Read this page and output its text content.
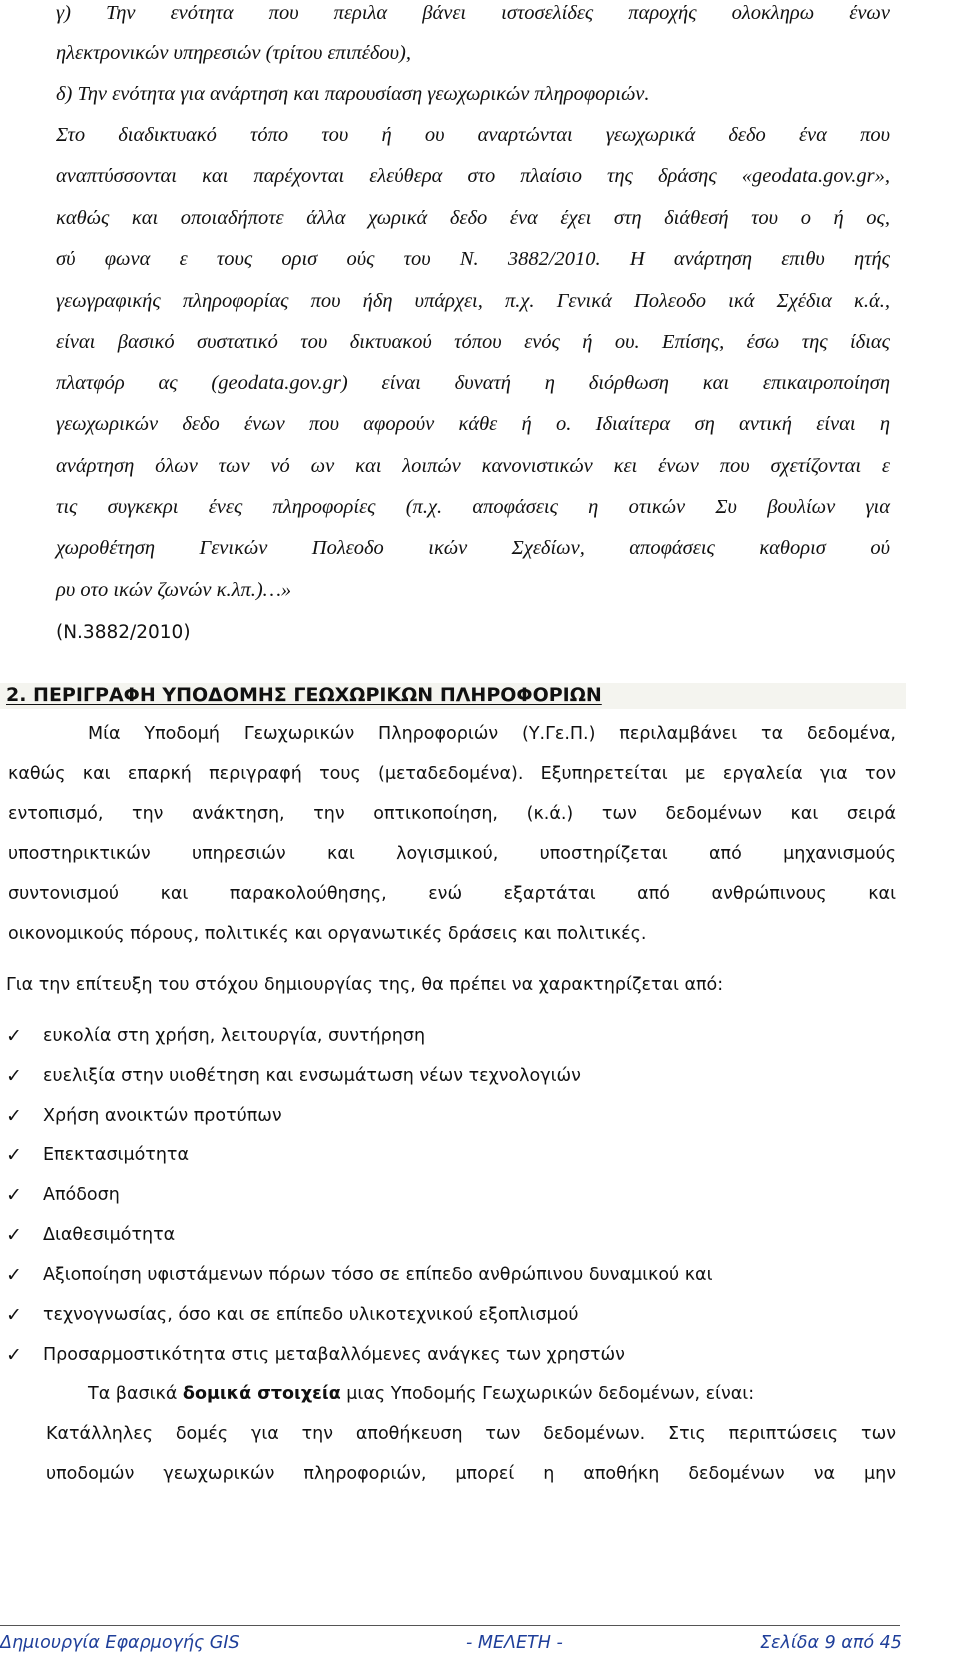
γ) Την ενότητα που περιλα βάνει ιστοσελίδες παροχής ολοκληρω ένων
ηλεκτρονικών υπηρεσιών (τρίτου επιπέδου),
δ) Την ενότητα για ανάρτηση και παρουσίαση γεωχωρικών πληροφοριών.
Στο διαδικτυακό τόπο του ή ου αναρτώνται γεωχωρικά δεδο ένα που
αναπτύσσονται και παρέχονται ελεύθερα στο πλαίσιο της δράσης «geodata.gov.gr»,
καθώς και οποιαδήποτε άλλα χωρικά δεδο ένα έχει στη διάθεσή του ο ή ος,
σύ φωνα ε τους ορισ ούς του Ν. 3882/2010. Η ανάρτηση επιθυ ητής
γεωγραφικής πληροφορίας που ήδη υπάρχει, π.χ. Γενικά Πολεοδο ικά Σχέδια κ.ά.,
είναι βασικό συστατικό του δικτυακού τόπου ενός ή ου. Επίσης, έσω της ίδιας
πλατφόρ ας (geodata.gov.gr) είναι δυνατή η διόρθωση και επικαιροποίηση
γεωχωρικών δεδο ένων που αφορούν κάθε ή ο. Ιδιαίτερα ση αντική είναι η
ανάρτηση όλων των νό ων και λοιπών κανονιστικών κει ένων που σχετίζονται ε
τις συγκεκρι ένες πληροφορίες (π.χ. αποφάσεις η οτικών Συ βουλίων για
χωροθέτηση Γενικών Πολεοδο ικών Σχεδίων, αποφάσεις καθορισ ού
ρυ οτο ικών ζωνών κ.λπ.)…»
(Ν.3882/2010)
2. ΠΕΡΙΓΡΑΦΗ ΥΠΟΔΟΜΗΣ ΓΕΩΧΩΡΙΚΩΝ ΠΛΗΡΟΦΟΡΙΩΝ
Μία Υποδομή Γεωχωρικών Πληροφοριών (Υ.Γε.Π.) περιλαμβάνει τα δεδομένα,
καθώς και επαρκή περιγραφή τους (μεταδεδομένα). Εξυπηρετείται με εργαλεία για τον
εντοπισμό, την ανάκτηση, την οπτικοποίηση, (κ.ά.) των δεδομένων και σειρά
υποστηρικτικών υπηρεσιών και λογισμικού, υποστηρίζεται από μηχανισμούς
συντονισμού και παρακολούθησης, ενώ εξαρτάται από ανθρώπινους και
οικονομικούς πόρους, πολιτικές και οργανωτικές δράσεις και πολιτικές.
Για την επίτευξη του στόχου δημιουργίας της, θα πρέπει να χαρακτηρίζεται από:
✓ ευκολία στη χρήση, λειτουργία, συντήρηση
✓ ευελιξία στην υιοθέτηση και ενσωμάτωση νέων τεχνολογιών
✓ Χρήση ανοικτών προτύπων
✓ Επεκτασιμότητα
✓ Απόδοση
✓ Διαθεσιμότητα
✓ Αξιοποίηση υφιστάμενων πόρων τόσο σε επίπεδο ανθρώπινου δυναμικού και
✓ τεχνογνωσίας, όσο και σε επίπεδο υλικοτεχνικού εξοπλισμού
✓ Προσαρμοστικότητα στις μεταβαλλόμενες ανάγκες των χρηστών
Τα βασικά δομικά στοιχεία μιας Υποδομής Γεωχωρικών δεδομένων, είναι:
Κατάλληλες δομές για την αποθήκευση των δεδομένων. Στις περιπτώσεις των
υποδομών γεωχωρικών πληροφοριών, μπορεί η αποθήκη δεδομένων να μην
Δημιουργία Εφαρμογής GIS	- ΜΕΛΕΤΗ -	Σελίδα 9 από 45
